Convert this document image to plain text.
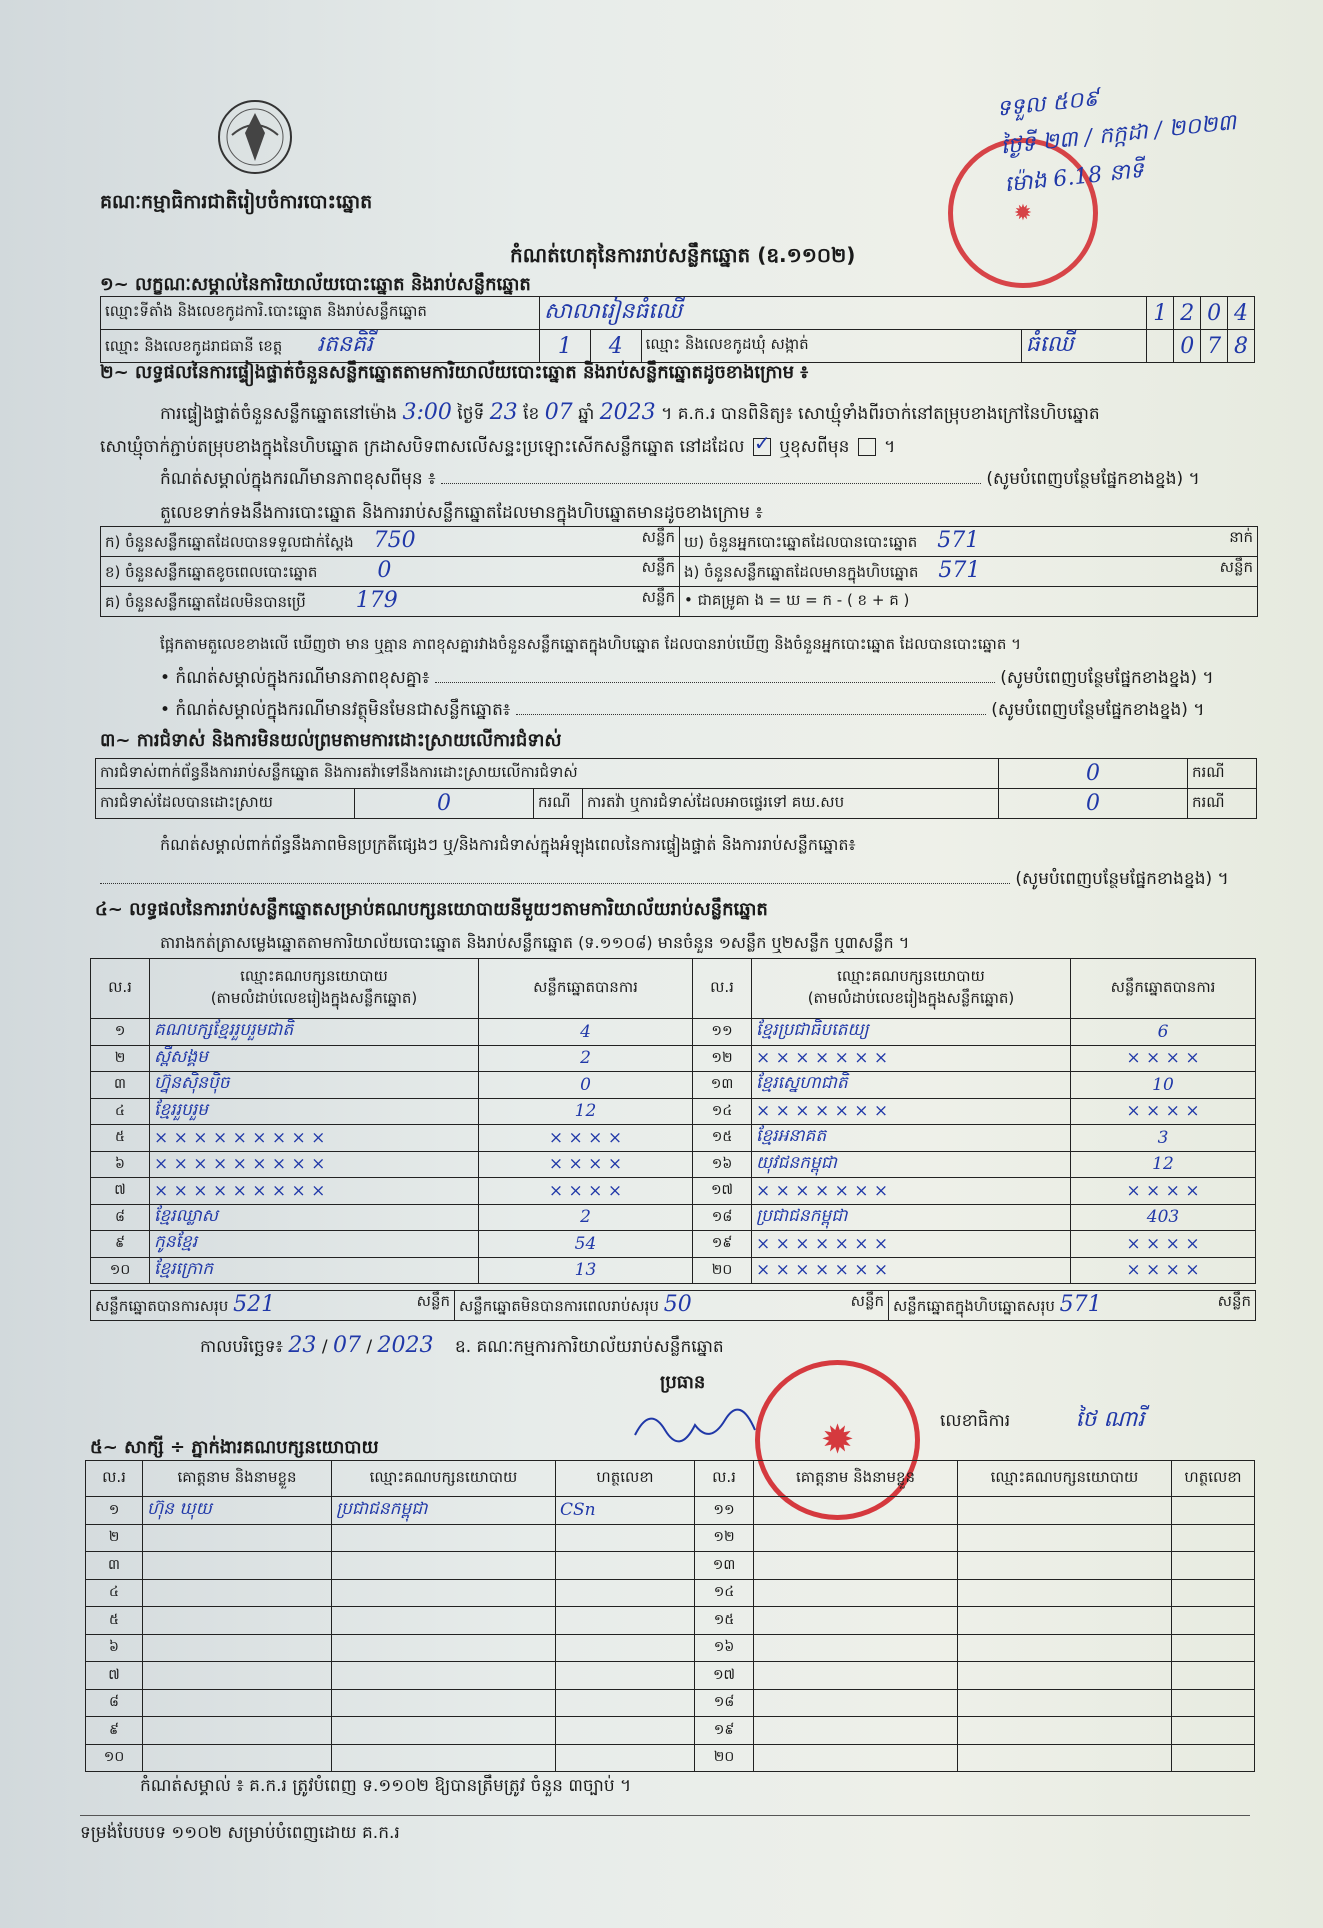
គណៈកម្មាធិការជាតិរៀបចំការបោះឆ្នោត	✹
ទទួល ៥០៩
ថ្ងៃទី ២៣ / កក្កដា / ២០២៣
ម៉ោង 6.18 នាទី
កំណត់ហេតុនៃការរាប់សន្លឹកឆ្នោត (ឧ.១១០២)
១~ លក្ខណៈសម្គាល់នៃការិយាល័យបោះឆ្នោត និងរាប់សន្លឹកឆ្នោត
ឈ្មោះទីតាំង និងលេខកូដការិ.បោះឆ្នោត និងរាប់សន្លឹកឆ្នោត	សាលារៀនធំឈើ				1	2	0	4
ឈ្មោះ និងលេខកូដរាជធានី ខេត្ត រតនគិរី	1	4	ឈ្មោះ និងលេខកូដឃុំ សង្កាត់	ធំឈើ		0	7	8
២~ លទ្ធផលនៃការផ្ទៀងផ្ទាត់ចំនួនសន្លឹកឆ្នោតតាមការិយាល័យបោះឆ្នោត និងរាប់សន្លឹកឆ្នោតដូចខាងក្រោម ៖
ការផ្ទៀងផ្ទាត់ចំនួនសន្លឹកឆ្នោតនៅម៉ោង 3:00 ថ្ងៃទី 23 ខែ 07 ឆ្នាំ 2023 ។ គ.ក.រ បានពិនិត្យ៖ សោឃ្មុំទាំងពីរចាក់នៅតម្រុបខាងក្រៅនៃហិបឆ្នោត
សោឃ្មុំចាក់ភ្ជាប់តម្រុបខាងក្នុងនៃហិបឆ្នោត ក្រដាសបិទពាសលើសន្ទះប្រឡោះសើកសន្លឹកឆ្នោត នៅដដែល ✓ ឬខុសពីមុន  ។
កំណត់សម្គាល់ក្នុងករណីមានភាពខុសពីមុន ៖	(សូមបំពេញបន្ថែមផ្នែកខាងខ្នង) ។
តួលេខទាក់ទងនឹងការបោះឆ្នោត និងការរាប់សន្លឹកឆ្នោតដែលមានក្នុងហិបឆ្នោតមានដូចខាងក្រោម ៖
ក) ចំនួនសន្លឹកឆ្នោតដែលបានទទួលជាក់ស្តែង 750 សន្លឹក	ឃ) ចំនួនអ្នកបោះឆ្នោតដែលបានបោះឆ្នោត 571 នាក់

ខ) ចំនួនសន្លឹកឆ្នោតខូចពេលបោះឆ្នោត 0 សន្លឹក	ង) ចំនួនសន្លឹកឆ្នោតដែលមានក្នុងហិបឆ្នោត 571 សន្លឹក

គ) ចំនួនសន្លឹកឆ្នោតដែលមិនបានប្រើ 179 សន្លឹក	• ជាគម្រូគា ង = ឃ = ក - ( ខ + គ )
ផ្អែកតាមតួលេខខាងលើ ឃើញថា មាន ឬគ្មាន ភាពខុសគ្នារវាងចំនួនសន្លឹកឆ្នោតក្នុងហិបឆ្នោត ដែលបានរាប់ឃើញ និងចំនួនអ្នកបោះឆ្នោត ដែលបានបោះឆ្នោត ។
• កំណត់សម្គាល់ក្នុងករណីមានភាពខុសគ្នា៖	(សូមបំពេញបន្ថែមផ្នែកខាងខ្នង) ។
• កំណត់សម្គាល់ក្នុងករណីមានវត្ថុមិនមែនជាសន្លឹកឆ្នោត៖	(សូមបំពេញបន្ថែមផ្នែកខាងខ្នង) ។
៣~ ការជំទាស់ និងការមិនយល់ព្រមតាមការដោះស្រាយលើការជំទាស់
ការជំទាស់ពាក់ព័ន្ធនឹងការរាប់សន្លឹកឆ្នោត និងការតវ៉ាទៅនឹងការដោះស្រាយលើការជំទាស់				0	ករណី
ការជំទាស់ដែលបានដោះស្រាយ	0	ករណី	ការតវ៉ា ឬការជំទាស់ដែលអាចផ្ទេរទៅ គឃ.សប	0	ករណី
កំណត់សម្គាល់ពាក់ព័ន្ធនឹងភាពមិនប្រក្រតីផ្សេងៗ ឬ/និងការជំទាស់ក្នុងអំឡុងពេលនៃការផ្ទៀងផ្ទាត់ និងការរាប់សន្លឹកឆ្នោត៖
(សូមបំពេញបន្ថែមផ្នែកខាងខ្នង) ។
៤~ លទ្ធផលនៃការរាប់សន្លឹកឆ្នោតសម្រាប់គណបក្សនយោបាយនីមួយៗតាមការិយាល័យរាប់សន្លឹកឆ្នោត
តារាងកត់ត្រាសម្លេងឆ្នោតតាមការិយាល័យបោះឆ្នោត និងរាប់សន្លឹកឆ្នោត (ទ.១១០៨) មានចំនួន ១សន្លឹក ឬ២សន្លឹក ឬ៣សន្លឹក ។
ល.រ	ឈ្មោះគណបក្សនយោបាយ
(តាមលំដាប់លេខរៀងក្នុងសន្លឹកឆ្នោត)	សន្លឹកឆ្នោតបានការ	ល.រ	ឈ្មោះគណបក្សនយោបាយ
(តាមលំដាប់លេខរៀងក្នុងសន្លឹកឆ្នោត)	សន្លឹកឆ្នោតបានការ
១	គណបក្សខ្មែររួបរួមជាតិ	4	១១	ខ្មែរប្រជាធិបតេយ្យ	6
២	ស្ពឺសង្គម	2	១២	× × × × × × ×	× × × ×
៣	ហ្វ៊ុនស៊ិនប៉ិច	0	១៣	ខ្មែរស្នេហាជាតិ	10
៤	ខ្មែររួបរួម	12	១៤	× × × × × × ×	× × × ×
៥	× × × × × × × × ×	× × × ×	១៥	ខ្មែរអនាគត	3
៦	× × × × × × × × ×	× × × ×	១៦	យុវជនកម្ពុជា	12
៧	× × × × × × × × ×	× × × ×	១៧	× × × × × × ×	× × × ×
៨	ខ្មែរឈ្លាស	2	១៨	ប្រជាជនកម្ពុជា	403
៩	កូនខ្មែរ	54	១៩	× × × × × × ×	× × × ×
១០	ខ្មែរក្រោក	13	២០	× × × × × × ×	× × × ×
សន្លឹកឆ្នោតបានការសរុប 521	សន្លឹក	សន្លឹកឆ្នោតមិនបានការពេលរាប់សរុប 50	សន្លឹក	សន្លឹកឆ្នោតក្នុងហិបឆ្នោតសរុប 571	សន្លឹក
កាលបរិច្ឆេទ៖ 23 / 07 / 2023 ឧ. គណៈកម្មការការិយាល័យរាប់សន្លឹកឆ្នោត
ប្រធាន
✹	លេខាធិការ	ថៃ ណារី
៥~ សាក្សី ÷ ភ្នាក់ងារគណបក្សនយោបាយ
ល.រ	គោត្តនាម និងនាមខ្លួន	ឈ្មោះគណបក្សនយោបាយ	ហត្ថលេខា	ល.រ	គោត្តនាម និងនាមខ្លួន	ឈ្មោះគណបក្សនយោបាយ	ហត្ថលេខា
១	ហ៊ុន ឃុយ	ប្រជាជនកម្ពុជា	CSn	១១			
២				១២			
៣				១៣			
៤				១៤			
៥				១៥			
៦				១៦			
៧				១៧			
៨				១៨			
៩				១៩			
១០				២០			
កំណត់សម្គាល់ ៖ គ.ក.រ ត្រូវបំពេញ ទ.១១០២ ឱ្យបានត្រឹមត្រូវ ចំនួន ៣ច្បាប់ ។
ទម្រង់បែបបទ ១១០២ សម្រាប់បំពេញដោយ គ.ក.រ
